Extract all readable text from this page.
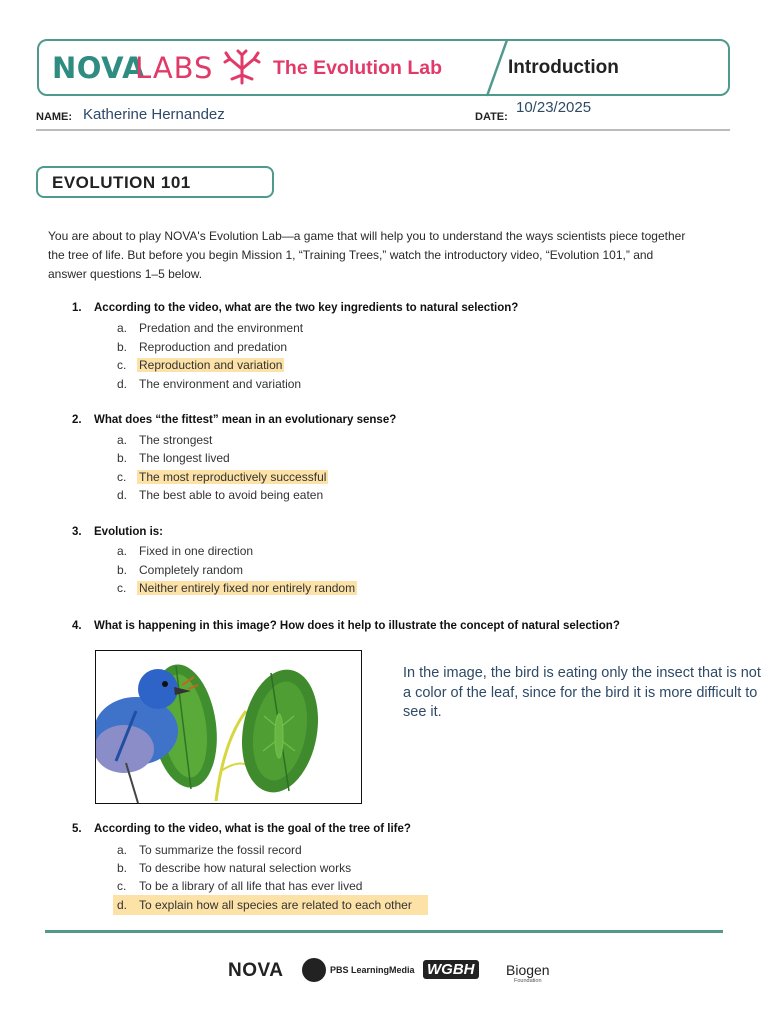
NOVA
LABS	The Evolution Lab	Introduction
NAME: Katherine Hernandez	DATE:
10/23/2025
EVOLUTION 101

You are about to play NOVA's Evolution Lab—a game that will help you to understand the ways scientists piece together the tree of life. But before you begin Mission 1, “Training Trees,” watch the introductory video, “Evolution 101,” and answer questions 1–5 below.

1. According to the video, what are the two key ingredients to natural selection?
a. Predation and the environment
b. Reproduction and predation
c. Reproduction and variation
d. The environment and variation
2. What does “the fittest” mean in an evolutionary sense?
a. The strongest
b. The longest lived
c. The most reproductively successful
d. The best able to avoid being eaten
3. Evolution is:
a. Fixed in one direction
b. Completely random
c. Neither entirely fixed nor entirely random
4. What is happening in this image? How does it help to illustrate the concept of natural selection?

In the image, the bird is eating only the insect that is not a color of the leaf, since for the bird it is more difficult to see it.

5. According to the video, what is the goal of the tree of life?
a. To summarize the fossil record
b. To describe how natural selection works
c. To be a library of all life that has ever lived
d. To explain how all species are related to each other
NOVA	PBS LearningMedia WGBH Biogen
Foundation
